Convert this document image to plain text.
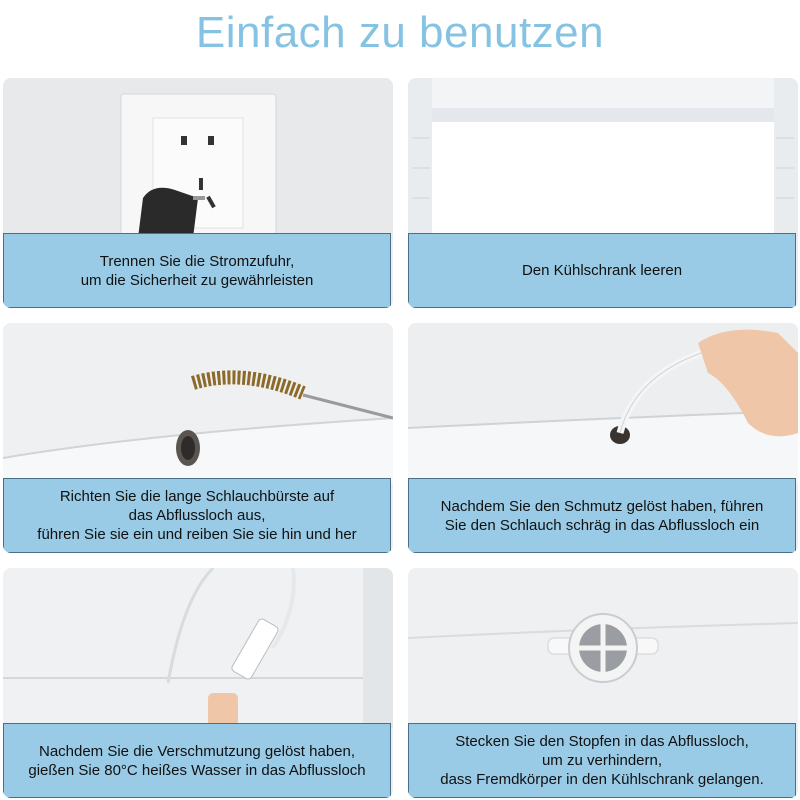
Einfach zu benutzen
Trennen Sie die Stromzufuhr,
um die Sicherheit zu gewährleisten
Den Kühlschrank leeren
Richten Sie die lange Schlauchbürste auf
das Abflussloch aus,
führen Sie sie ein und reiben Sie sie hin und her
Nachdem Sie den Schmutz gelöst haben, führen
Sie den Schlauch schräg in das Abflussloch ein
Nachdem Sie die Verschmutzung gelöst haben,
gießen Sie 80°C heißes Wasser in das Abflussloch
Stecken Sie den Stopfen in das Abflussloch,
um zu verhindern,
dass Fremdkörper in den Kühlschrank gelangen.
